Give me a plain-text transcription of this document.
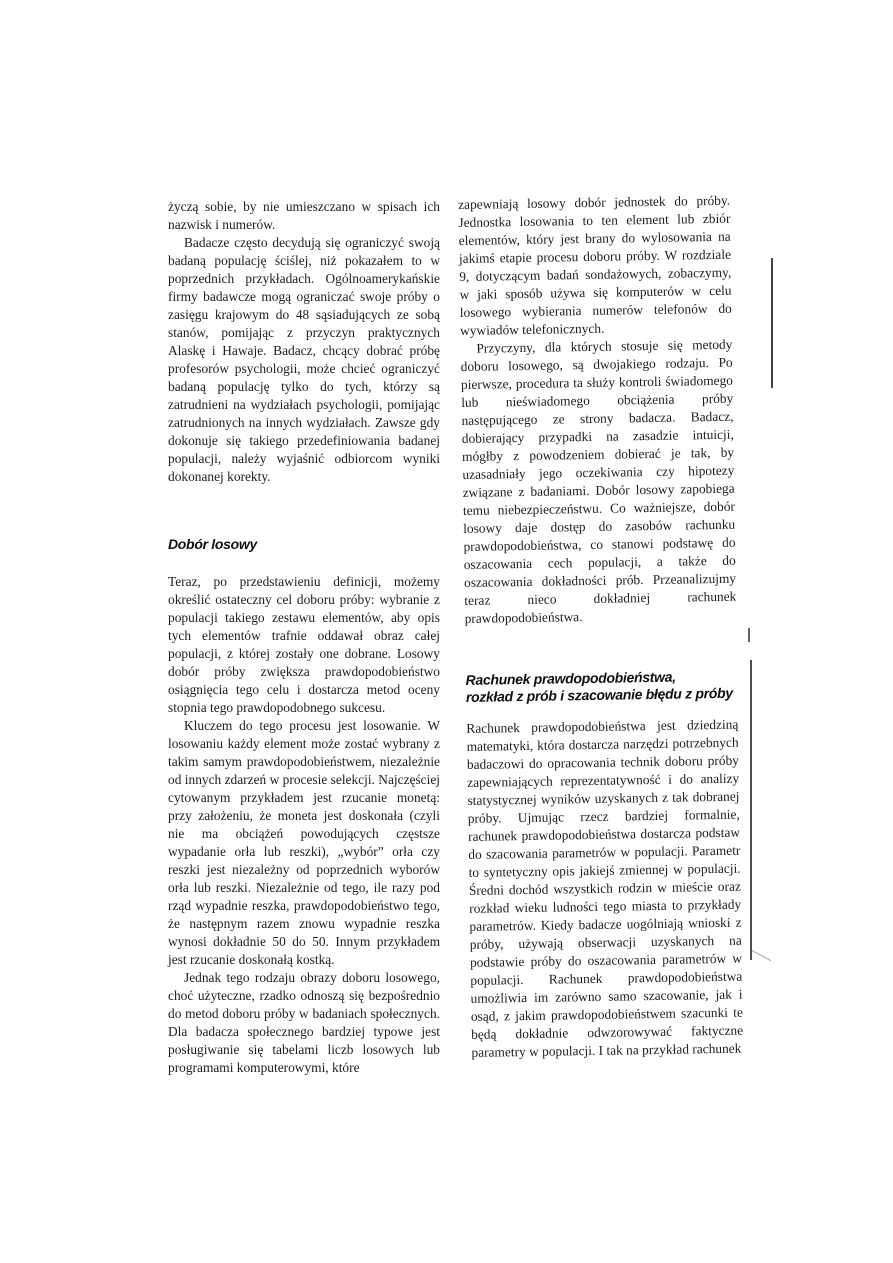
życzą sobie, by nie umieszczano w spisach ich nazwisk i numerów.

Badacze często decydują się ograniczyć swoją badaną populację ściślej, niż pokazałem to w poprzednich przykładach. Ogólnoamerykańskie firmy badawcze mogą ograniczać swoje próby o zasięgu krajowym do 48 sąsiadujących ze sobą stanów, pomijając z przyczyn praktycznych Alaskę i Hawaje. Badacz, chcący dobrać próbę profesorów psychologii, może chcieć ograniczyć badaną populację tylko do tych, którzy są zatrudnieni na wydziałach psychologii, pomijając zatrudnionych na innych wydziałach. Zawsze gdy dokonuje się takiego przedefiniowania badanej populacji, należy wyjaśnić odbiorcom wyniki dokonanej korekty.

Dobór losowy

Teraz, po przedstawieniu definicji, możemy określić ostateczny cel doboru próby: wybranie z populacji takiego zestawu elementów, aby opis tych elementów trafnie oddawał obraz całej populacji, z której zostały one dobrane. Losowy dobór próby zwiększa prawdopodobieństwo osiągnięcia tego celu i dostarcza metod oceny stopnia tego prawdopodobnego sukcesu.

Kluczem do tego procesu jest losowanie. W losowaniu każdy element może zostać wybrany z takim samym prawdopodobieństwem, niezależnie od innych zdarzeń w procesie selekcji. Najczęściej cytowanym przykładem jest rzucanie monetą: przy założeniu, że moneta jest doskonała (czyli nie ma obciążeń powodujących częstsze wypadanie orła lub reszki), „wybór” orła czy reszki jest niezależny od poprzednich wyborów orła lub reszki. Niezależnie od tego, ile razy pod rząd wypadnie reszka, prawdopodobieństwo tego, że następnym razem znowu wypadnie reszka wynosi dokładnie 50 do 50. Innym przykładem jest rzucanie doskonałą kostką.

Jednak tego rodzaju obrazy doboru losowego, choć użyteczne, rzadko odnoszą się bezpośrednio do metod doboru próby w badaniach społecznych. Dla badacza społecznego bardziej typowe jest posługiwanie się tabelami liczb losowych lub programami komputerowymi, które

zapewniają losowy dobór jednostek do próby. Jednostka losowania to ten element lub zbiór elementów, który jest brany do wylosowania na jakimś etapie procesu doboru próby. W rozdziale 9, dotyczącym badań sondażowych, zobaczymy, w jaki sposób używa się komputerów w celu losowego wybierania numerów telefonów do wywiadów telefonicznych.

Przyczyny, dla których stosuje się metody doboru losowego, są dwojakiego rodzaju. Po pierwsze, procedura ta służy kontroli świadomego lub nieświadomego obciążenia próby następującego ze strony badacza. Badacz, dobierający przypadki na zasadzie intuicji, mógłby z powodzeniem dobierać je tak, by uzasadniały jego oczekiwania czy hipotezy związane z badaniami. Dobór losowy zapobiega temu niebezpieczeństwu. Co ważniejsze, dobór losowy daje dostęp do zasobów rachunku prawdopodobieństwa, co stanowi podstawę do oszacowania cech populacji, a także do oszacowania dokładności prób. Przeanalizujmy teraz nieco dokładniej rachunek prawdopodobieństwa.

Rachunek prawdopodobieństwa,
rozkład z prób i szacowanie błędu z próby

Rachunek prawdopodobieństwa jest dziedziną matematyki, która dostarcza narzędzi potrzebnych badaczowi do opracowania technik doboru próby zapewniających reprezentatywność i do analizy statystycznej wyników uzyskanych z tak dobranej próby. Ujmując rzecz bardziej formalnie, rachunek prawdopodobieństwa dostarcza podstaw do szacowania parametrów w populacji. Parametr to syntetyczny opis jakiejś zmiennej w populacji. Średni dochód wszystkich rodzin w mieście oraz rozkład wieku ludności tego miasta to przykłady parametrów. Kiedy badacze uogólniają wnioski z próby, używają obserwacji uzyskanych na podstawie próby do oszacowania parametrów w populacji. Rachunek prawdopodobieństwa umożliwia im zarówno samo szacowanie, jak i osąd, z jakim prawdopodobieństwem szacunki te będą dokładnie odwzorowywać faktyczne parametry w populacji. I tak na przykład rachunek
